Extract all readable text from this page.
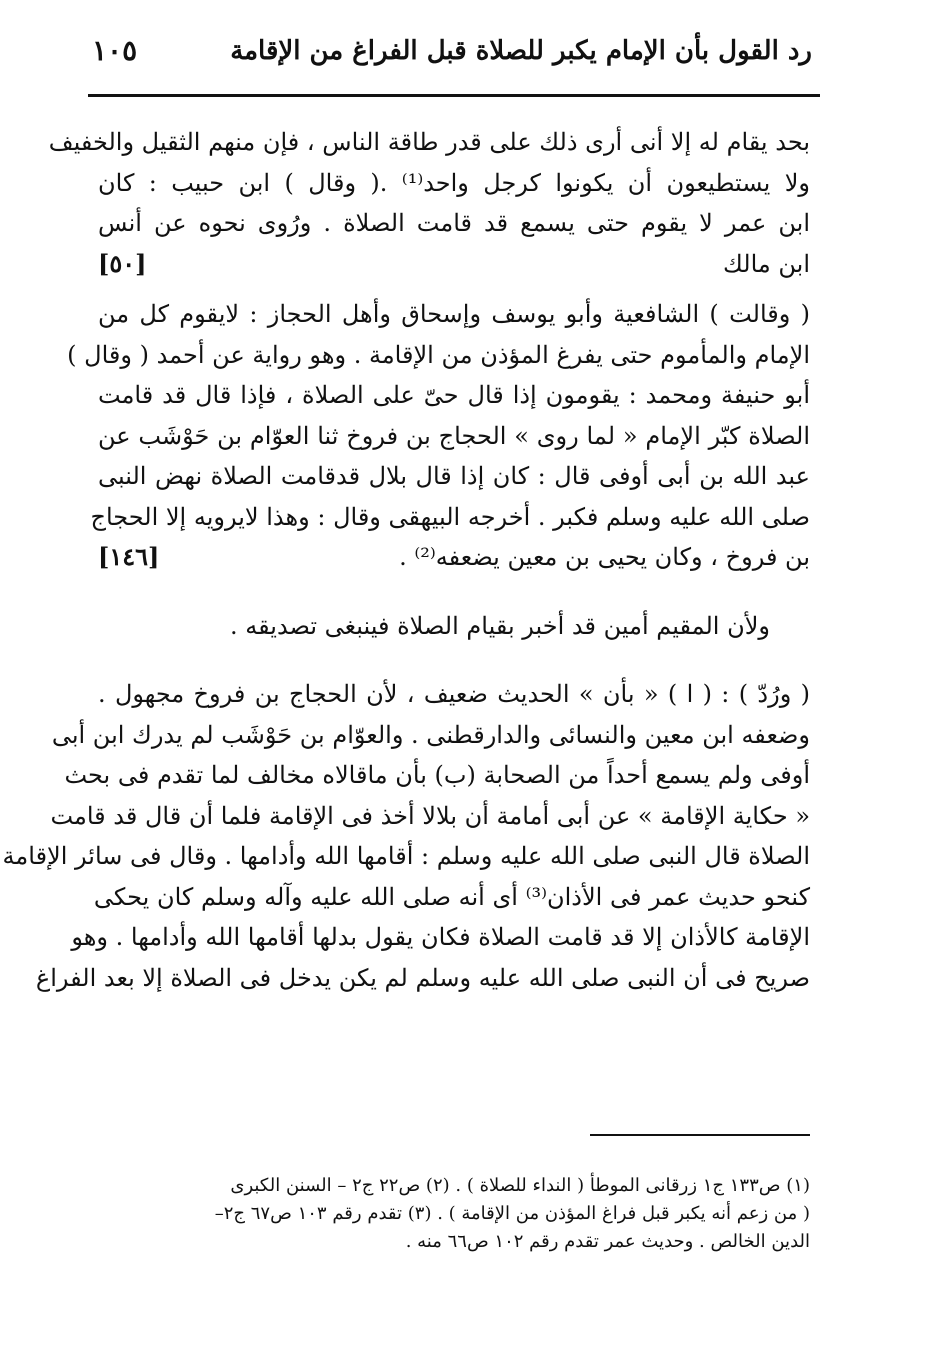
رد القول بأن الإمام يكبر للصلاة قبل الفراغ من الإقامة
١٠٥
بحد يقام له إلا أنى أرى ذلك على قدر طاقة الناس ، فإن منهم الثقيل والخفيف
ولا يستطيعون أن يكونوا كرجل واحد⁽¹⁾ .( وقال ) ابن حبيب : كان
ابن عمر لا يقوم حتى يسمع قد قامت الصلاة . ورُوى نحوه عن أنس
ابن مالك
[٥٠]
( وقالت ) الشافعية وأبو يوسف وإسحاق وأهل الحجاز : لايقوم كل من
الإمام والمأموم حتى يفرغ المؤذن من الإقامة . وهو رواية عن أحمد ( وقال )
أبو حنيفة ومحمد : يقومون إذا قال حىّ على الصلاة ، فإذا قال قد قامت
الصلاة كبّر الإمام « لما روى » الحجاج بن فروخ ثنا العوّام بن حَوْشَب عن
عبد الله بن أبى أوفى قال : كان إذا قال بلال قدقامت الصلاة نهض النبى
صلى الله عليه وسلم فكبر . أخرجه البيهقى وقال : وهذا لايرويه إلا الحجاج
بن فروخ ، وكان يحيى بن معين يضعفه⁽²⁾ .
[١٤٦]
ولأن المقيم أمين قد أخبر بقيام الصلاة فينبغى تصديقه .
( ورُدّ ) : ( ا ) « بأن » الحديث ضعيف ، لأن الحجاج بن فروخ مجهول .
وضعفه ابن معين والنسائى والدارقطنى . والعوّام بن حَوْشَب لم يدرك ابن أبى
أوفى ولم يسمع أحداً من الصحابة (ب) بأن ماقالاه مخالف لما تقدم فى بحث
« حكاية الإقامة » عن أبى أمامة أن بلالا أخذ فى الإقامة فلما أن قال قد قامت
الصلاة قال النبى صلى الله عليه وسلم : أقامها الله وأدامها . وقال فى سائر الإقامة
كنحو حديث عمر فى الأذان⁽³⁾ أى أنه صلى الله عليه وآله وسلم كان يحكى
الإقامة كالأذان إلا قد قامت الصلاة فكان يقول بدلها أقامها الله وأدامها . وهو
صريح فى أن النبى صلى الله عليه وسلم لم يكن يدخل فى الصلاة إلا بعد الفراغ
(١) ص١٣٣ ج١ زرقانى الموطأ ( النداء للصلاة ) . (٢) ص٢٢ ج٢ – السنن الكبرى
( من زعم أنه يكبر قبل فراغ المؤذن من الإقامة ) . (٣) تقدم رقم ١٠٣ ص٦٧ ج٢–
الدين الخالص . وحديث عمر تقدم رقم ١٠٢ ص٦٦ منه .
